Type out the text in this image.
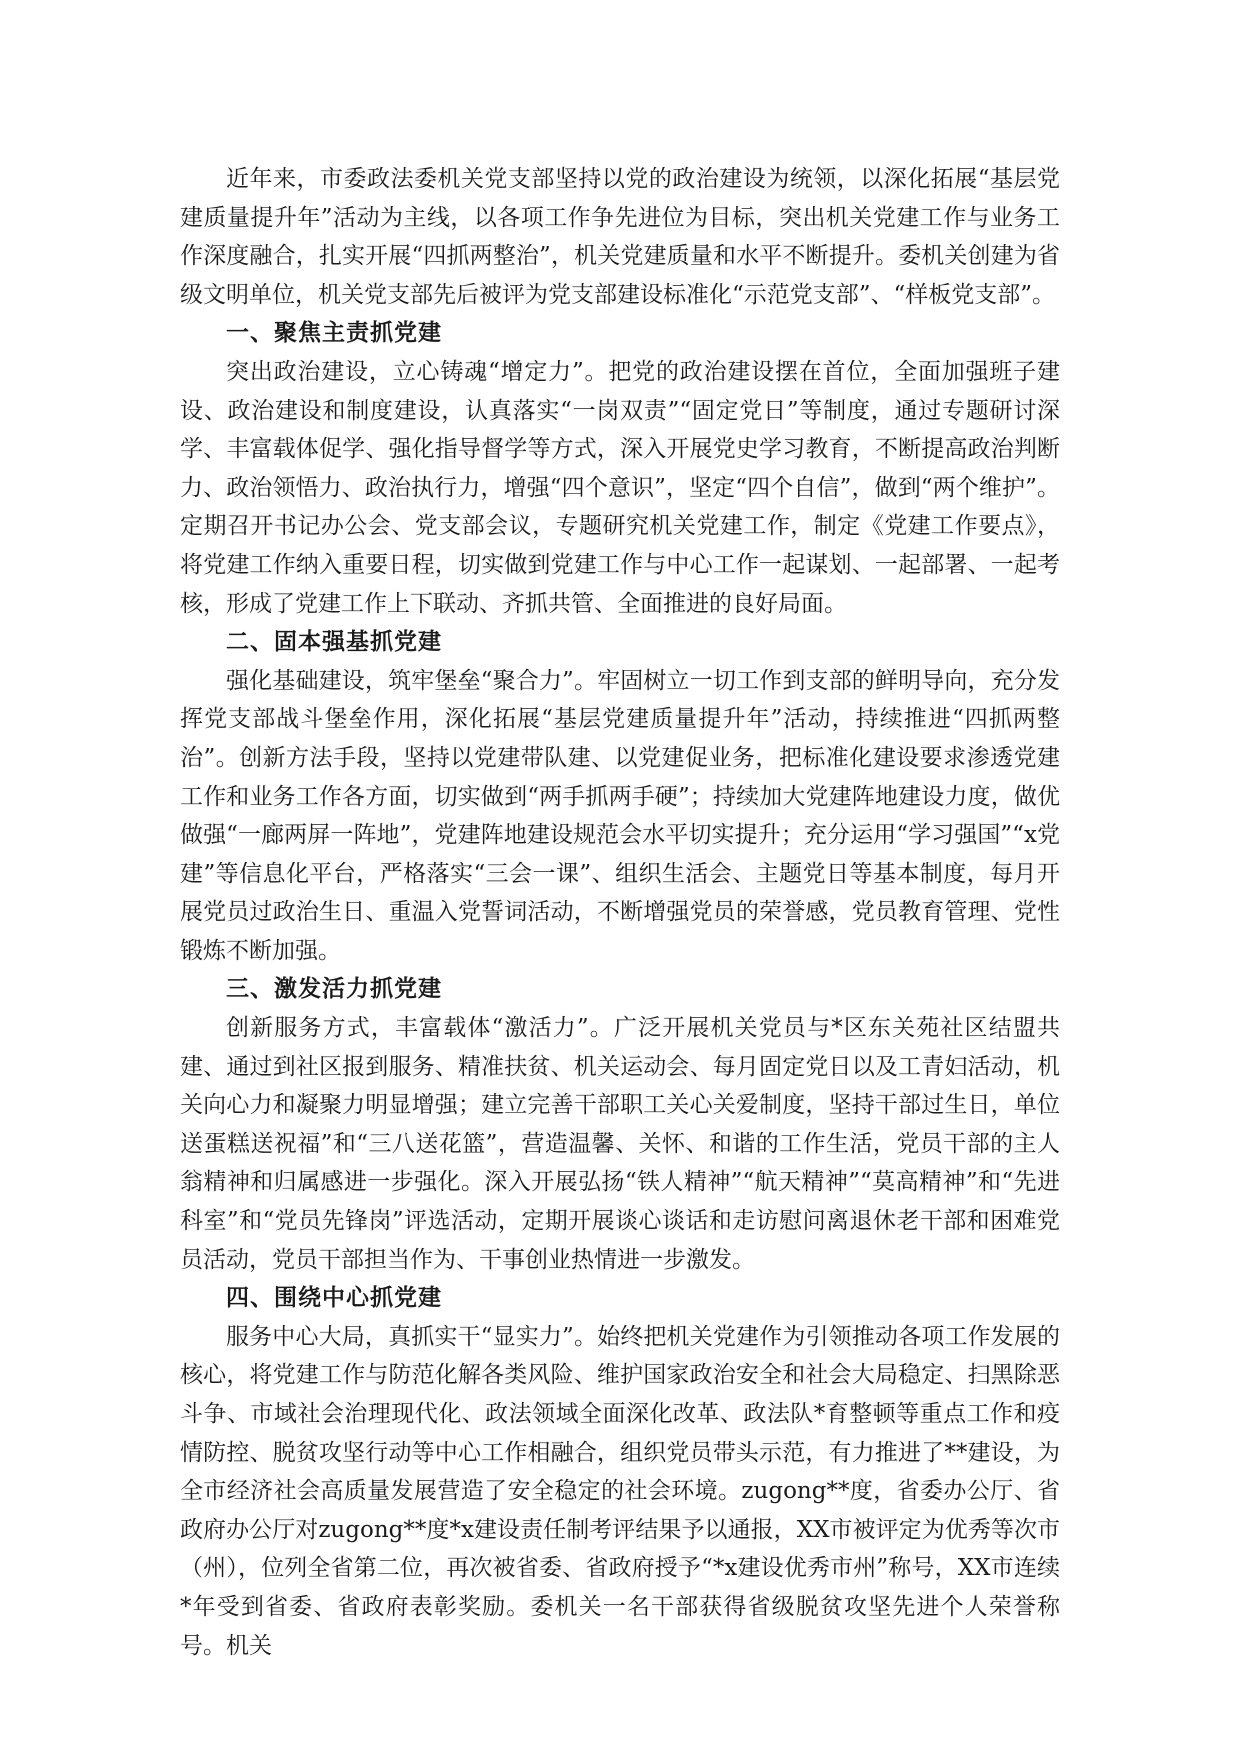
近年来，市委政法委机关党支部坚持以党的政治建设为统领，以深化拓展“基层党建质量提升年”活动为主线，以各项工作争先进位为目标，突出机关党建工作与业务工作深度融合，扎实开展“四抓两整治”，机关党建质量和水平不断提升。委机关创建为省级文明单位，机关党支部先后被评为党支部建设标准化“示范党支部”、“样板党支部”。

一、聚焦主责抓党建

突出政治建设，立心铸魂“增定力”。把党的政治建设摆在首位，全面加强班子建设、政治建设和制度建设，认真落实“一岗双责”“固定党日”等制度，通过专题研讨深学、丰富载体促学、强化指导督学等方式，深入开展党史学习教育，不断提高政治判断力、政治领悟力、政治执行力，增强“四个意识”，坚定“四个自信”，做到“两个维护”。定期召开书记办公会、党支部会议，专题研究机关党建工作，制定《党建工作要点》，将党建工作纳入重要日程，切实做到党建工作与中心工作一起谋划、一起部署、一起考核，形成了党建工作上下联动、齐抓共管、全面推进的良好局面。

二、固本强基抓党建

强化基础建设，筑牢堡垒“聚合力”。牢固树立一切工作到支部的鲜明导向，充分发挥党支部战斗堡垒作用，深化拓展“基层党建质量提升年”活动，持续推进“四抓两整治”。创新方法手段，坚持以党建带队建、以党建促业务，把标准化建设要求渗透党建工作和业务工作各方面，切实做到“两手抓两手硬”；持续加大党建阵地建设力度，做优做强“一廊两屏一阵地”，党建阵地建设规范会水平切实提升；充分运用“学习强国”“x党建”等信息化平台，严格落实“三会一课”、组织生活会、主题党日等基本制度，每月开展党员过政治生日、重温入党誓词活动，不断增强党员的荣誉感，党员教育管理、党性锻炼不断加强。

三、激发活力抓党建

创新服务方式，丰富载体“激活力”。广泛开展机关党员与*区东关苑社区结盟共建、通过到社区报到服务、精准扶贫、机关运动会、每月固定党日以及工青妇活动，机关向心力和凝聚力明显增强；建立完善干部职工关心关爱制度，坚持干部过生日，单位送蛋糕送祝福”和“三八送花篮”，营造温馨、关怀、和谐的工作生活，党员干部的主人翁精神和归属感进一步强化。深入开展弘扬“铁人精神”“航天精神”“莫高精神”和“先进科室”和“党员先锋岗”评选活动，定期开展谈心谈话和走访慰问离退休老干部和困难党员活动，党员干部担当作为、干事创业热情进一步激发。

四、围绕中心抓党建

服务中心大局，真抓实干“显实力”。始终把机关党建作为引领推动各项工作发展的核心，将党建工作与防范化解各类风险、维护国家政治安全和社会大局稳定、扫黑除恶斗争、市域社会治理现代化、政法领域全面深化改革、政法队*育整顿等重点工作和疫情防控、脱贫攻坚行动等中心工作相融合，组织党员带头示范，有力推进了**建设，为全市经济社会高质量发展营造了安全稳定的社会环境。zugong**度，省委办公厅、省政府办公厅对zugong**度*x建设责任制考评结果予以通报，XX市被评定为优秀等次市（州），位列全省第二位，再次被省委、省政府授予“*x建设优秀市州”称号，XX市连续*年受到省委、省政府表彰奖励。委机关一名干部获得省级脱贫攻坚先进个人荣誉称号。机关
